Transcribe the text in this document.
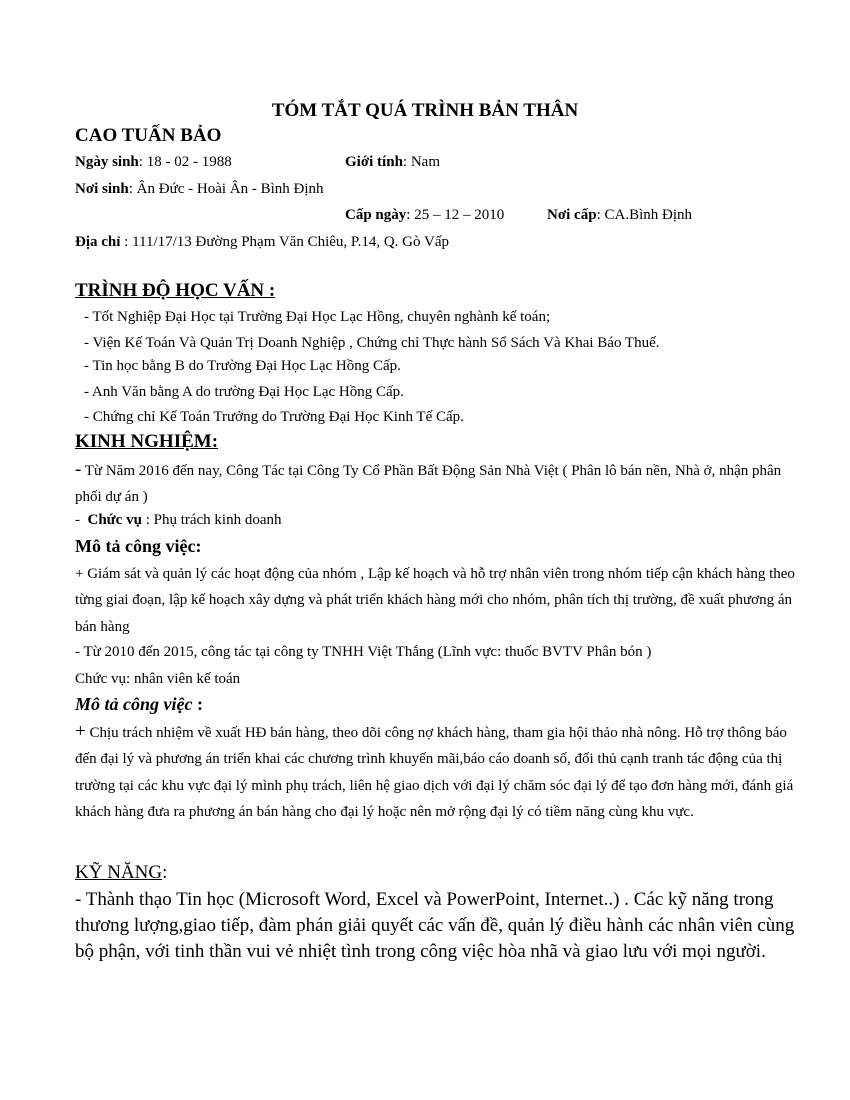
TÓM TẮT QUÁ TRÌNH BẢN THÂN
CAO TUẤN BẢO
Ngày sinh: 18 - 02 - 1988	Giới tính: Nam
Nơi sinh: Ân Đức - Hoài Ân - Bình Định
Cấp ngày: 25 – 12 – 2010	Nơi cấp: CA.Bình Định
Địa chỉ : 111/17/13 Đường Phạm Văn Chiêu, P.14, Q. Gò Vấp
TRÌNH ĐỘ HỌC VẤN :
- Tốt Nghiệp Đại Học tại Trường Đại Học Lạc Hồng, chuyên nghành kế toán;
- Viện Kế Toán Và Quản Trị Doanh Nghiệp , Chứng chỉ Thực hành Sổ Sách Và Khai Báo Thuế.
- Tin học bằng B do Trường Đại Học Lạc Hồng Cấp.
- Anh Văn bằng A do trường Đại Học Lạc Hồng Cấp.
- Chứng chỉ Kế Toán Trưởng do Trường Đại Học Kinh Tế Cấp.
KINH NGHIỆM:
- Từ Năm 2016 đến nay, Công Tác tại Công Ty Cổ Phần Bất Động Sản Nhà Việt ( Phân lô bán nền, Nhà ở, nhận phân phối dự án )
-  Chức vụ : Phụ trách kinh doanh
Mô tả công việc:
+ Giám sát và quản lý các hoạt động của nhóm , Lập kế hoạch và hỗ trợ nhân viên trong nhóm tiếp cận khách hàng theo từng giai đoạn, lập kế hoạch xây dựng và phát triển khách hàng mới cho nhóm, phân tích thị trường, đề xuất phương án bán hàng
- Từ 2010 đến 2015, công tác tại công ty TNHH Việt Thắng (Lĩnh vực: thuốc BVTV Phân bón )
Chức vụ: nhân viên kế toán
Mô tả công việc :
+ Chịu trách nhiệm về xuất HĐ bán hàng, theo dõi công nợ khách hàng, tham gia hội thảo nhà nông. Hỗ trợ thông báo đến đại lý và phương án triển khai các chương trình khuyến mãi,báo cáo doanh số, đối thủ cạnh tranh tác động của thị trường tại các khu vực đại lý mình phụ trách, liên hệ giao dịch với đại lý chăm sóc đại lý để tạo đơn hàng mới, đánh giá khách hàng đưa ra phương án bán hàng cho đại lý hoặc nên mở rộng đại lý có tiềm năng cùng khu vực.
KỸ NĂNG:
- Thành thạo Tin học (Microsoft Word, Excel và PowerPoint, Internet..) . Các kỹ năng trong thương lượng,giao tiếp, đàm phán giải quyết các vấn đề, quản lý điều hành các nhân viên cùng bộ phận, với tinh thần vui vẻ nhiệt tình trong công việc hòa nhã và giao lưu với mọi người.
